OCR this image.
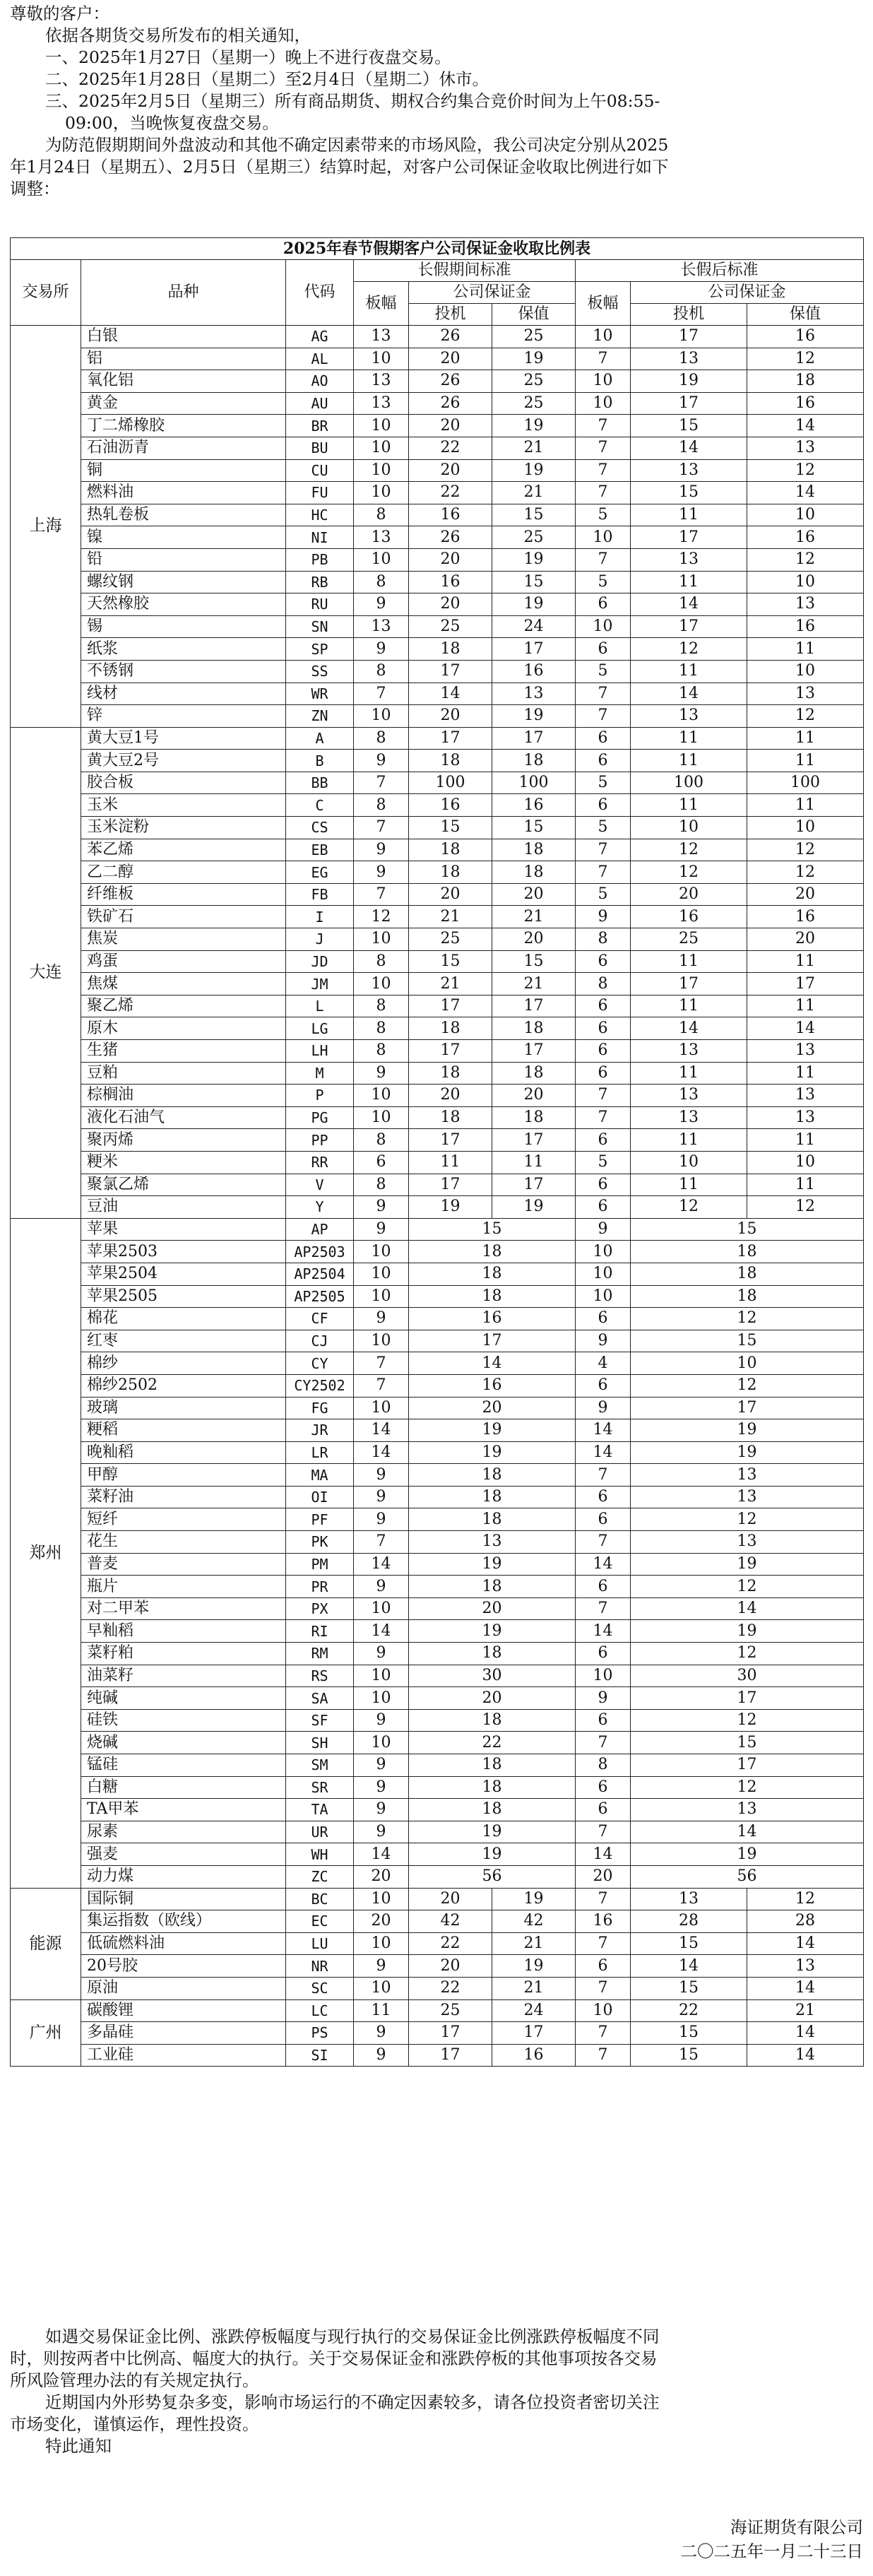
尊敬的客户：

依据各期货交易所发布的相关通知，

一、2025年1月27日（星期一）晚上不进行夜盘交易。

二、2025年1月28日（星期二）至2月4日（星期二）休市。

三、2025年2月5日（星期三）所有商品期货、期权合约集合竞价时间为上午08:55-

09:00，当晚恢复夜盘交易。

为防范假期期间外盘波动和其他不确定因素带来的市场风险，我公司决定分别从2025

年1月24日（星期五）、2月5日（星期三）结算时起，对客户公司保证金收取比例进行如下

调整：

2025年春节假期客户公司保证金收取比例表								
交易所	品种	代码	长假期间标准			长假后标准		
			板幅	公司保证金		板幅	公司保证金	
				投机	保值		投机	保值
上海	白银	AG	13	26	25	10	17	16
	铝	AL	10	20	19	7	13	12
	氧化铝	AO	13	26	25	10	19	18
	黄金	AU	13	26	25	10	17	16
	丁二烯橡胶	BR	10	20	19	7	15	14
	石油沥青	BU	10	22	21	7	14	13
	铜	CU	10	20	19	7	13	12
	燃料油	FU	10	22	21	7	15	14
	热轧卷板	HC	8	16	15	5	11	10
	镍	NI	13	26	25	10	17	16
	铅	PB	10	20	19	7	13	12
	螺纹钢	RB	8	16	15	5	11	10
	天然橡胶	RU	9	20	19	6	14	13
	锡	SN	13	25	24	10	17	16
	纸浆	SP	9	18	17	6	12	11
	不锈钢	SS	8	17	16	5	11	10
	线材	WR	7	14	13	7	14	13
	锌	ZN	10	20	19	7	13	12
大连	黄大豆1号	A	8	17	17	6	11	11
	黄大豆2号	B	9	18	18	6	11	11
	胶合板	BB	7	100	100	5	100	100
	玉米	C	8	16	16	6	11	11
	玉米淀粉	CS	7	15	15	5	10	10
	苯乙烯	EB	9	18	18	7	12	12
	乙二醇	EG	9	18	18	7	12	12
	纤维板	FB	7	20	20	5	20	20
	铁矿石	I	12	21	21	9	16	16
	焦炭	J	10	25	20	8	25	20
	鸡蛋	JD	8	15	15	6	11	11
	焦煤	JM	10	21	21	8	17	17
	聚乙烯	L	8	17	17	6	11	11
	原木	LG	8	18	18	6	14	14
	生猪	LH	8	17	17	6	13	13
	豆粕	M	9	18	18	6	11	11
	棕榈油	P	10	20	20	7	13	13
	液化石油气	PG	10	18	18	7	13	13
	聚丙烯	PP	8	17	17	6	11	11
	粳米	RR	6	11	11	5	10	10
	聚氯乙烯	V	8	17	17	6	11	11
	豆油	Y	9	19	19	6	12	12
郑州	苹果	AP	9	15		9	15	
	苹果2503	AP2503	10	18		10	18	
	苹果2504	AP2504	10	18		10	18	
	苹果2505	AP2505	10	18		10	18	
	棉花	CF	9	16		6	12	
	红枣	CJ	10	17		9	15	
	棉纱	CY	7	14		4	10	
	棉纱2502	CY2502	7	16		6	12	
	玻璃	FG	10	20		9	17	
	粳稻	JR	14	19		14	19	
	晚籼稻	LR	14	19		14	19	
	甲醇	MA	9	18		7	13	
	菜籽油	OI	9	18		6	13	
	短纤	PF	9	18		6	12	
	花生	PK	7	13		7	13	
	普麦	PM	14	19		14	19	
	瓶片	PR	9	18		6	12	
	对二甲苯	PX	10	20		7	14	
	早籼稻	RI	14	19		14	19	
	菜籽粕	RM	9	18		6	12	
	油菜籽	RS	10	30		10	30	
	纯碱	SA	10	20		9	17	
	硅铁	SF	9	18		6	12	
	烧碱	SH	10	22		7	15	
	锰硅	SM	9	18		8	17	
	白糖	SR	9	18		6	12	
	TA甲苯	TA	9	18		6	13	
	尿素	UR	9	19		7	14	
	强麦	WH	14	19		14	19	
	动力煤	ZC	20	56		20	56	
能源	国际铜	BC	10	20	19	7	13	12
	集运指数（欧线）	EC	20	42	42	16	28	28
	低硫燃料油	LU	10	22	21	7	15	14
	20号胶	NR	9	20	19	6	14	13
	原油	SC	10	22	21	7	15	14
广州	碳酸锂	LC	11	25	24	10	22	21
	多晶硅	PS	9	17	17	7	15	14
	工业硅	SI	9	17	16	7	15	14

如遇交易保证金比例、涨跌停板幅度与现行执行的交易保证金比例涨跌停板幅度不同

时，则按两者中比例高、幅度大的执行。关于交易保证金和涨跌停板的其他事项按各交易

所风险管理办法的有关规定执行。

近期国内外形势复杂多变，影响市场运行的不确定因素较多，请各位投资者密切关注

市场变化，谨慎运作，理性投资。

特此通知

海证期货有限公司
二〇二五年一月二十三日
